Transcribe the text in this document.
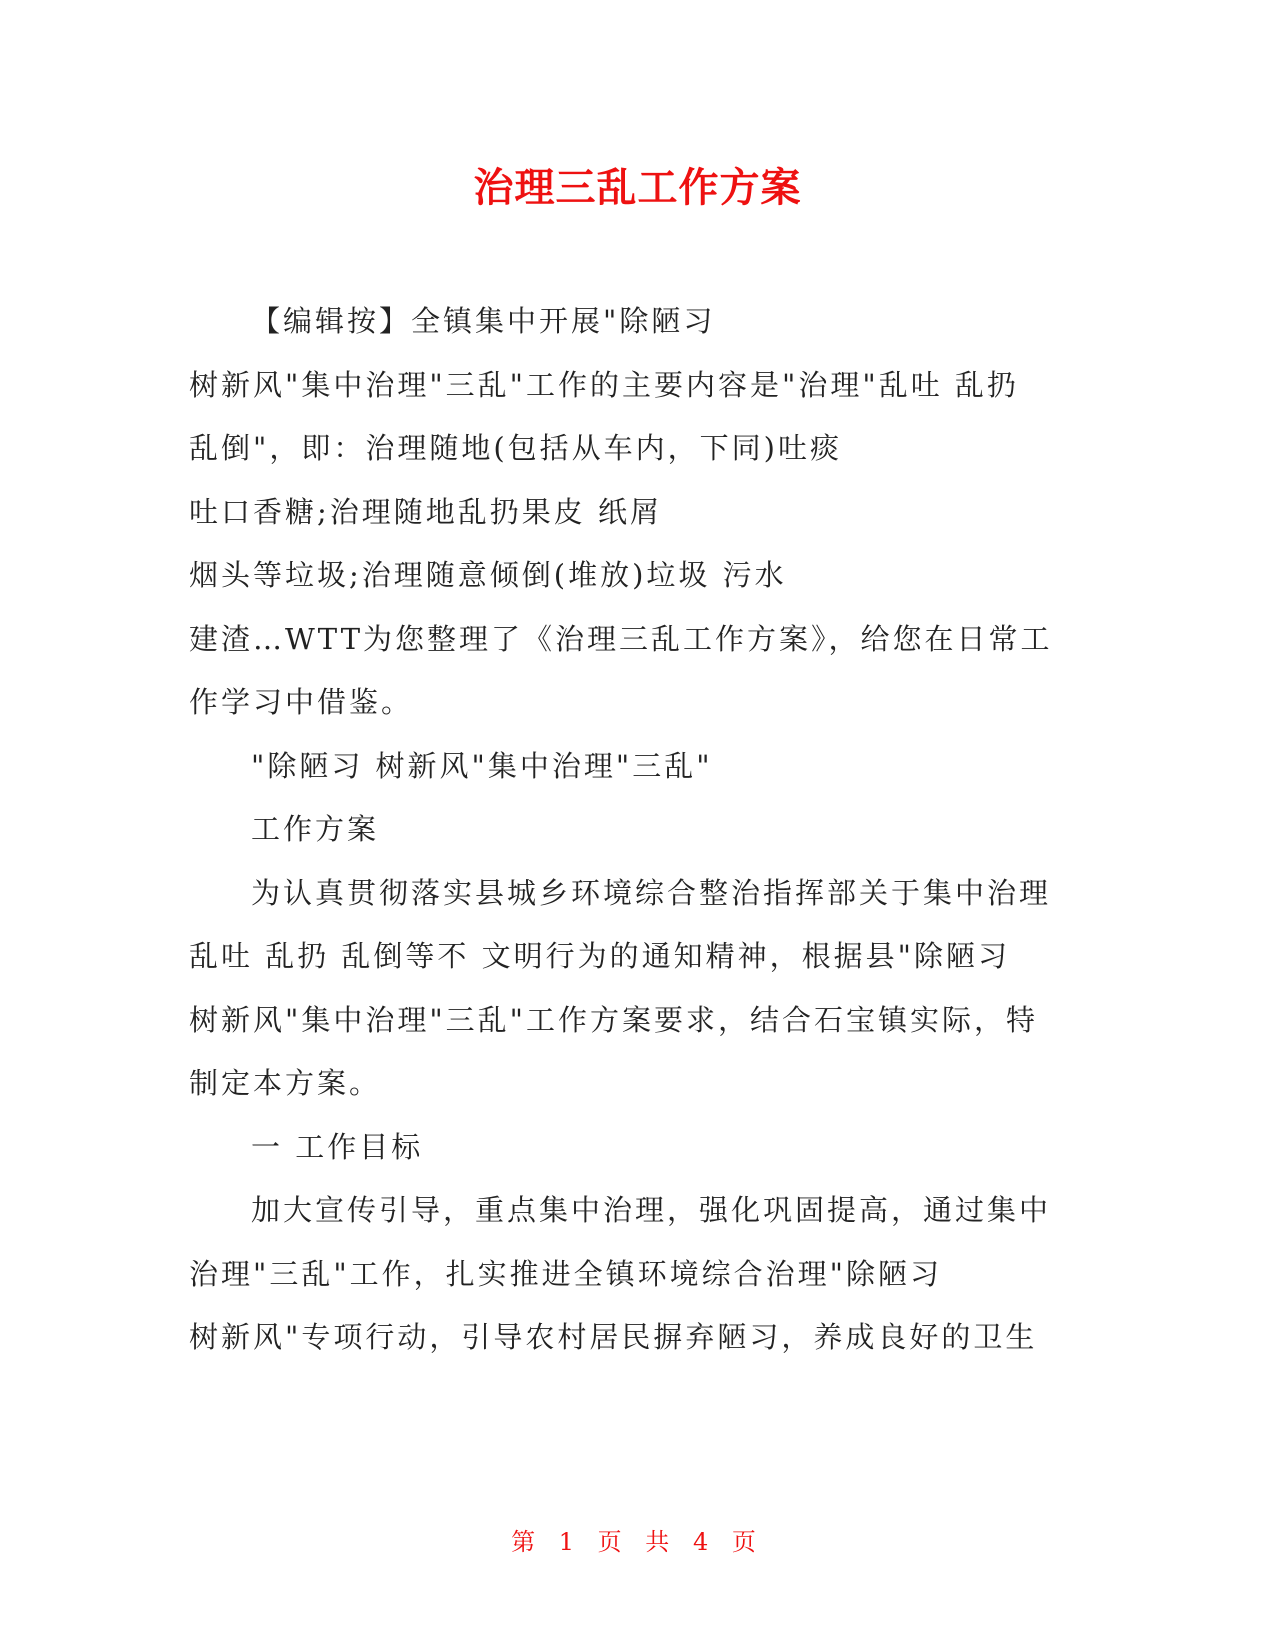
治理三乱工作方案
【编辑按】全镇集中开展"除陋习
树新风"集中治理"三乱"工作的主要内容是"治理"乱吐 乱扔
乱倒"，即：治理随地(包括从车内，下同)吐痰
吐口香糖;治理随地乱扔果皮 纸屑
烟头等垃圾;治理随意倾倒(堆放)垃圾 污水
建渣…WTT为您整理了《治理三乱工作方案》，给您在日常工
作学习中借鉴。
"除陋习 树新风"集中治理"三乱"
工作方案
为认真贯彻落实县城乡环境综合整治指挥部关于集中治理
乱吐 乱扔 乱倒等不 文明行为的通知精神，根据县"除陋习
树新风"集中治理"三乱"工作方案要求，结合石宝镇实际，特
制定本方案。
一 工作目标
加大宣传引导，重点集中治理，强化巩固提高，通过集中
治理"三乱"工作，扎实推进全镇环境综合治理"除陋习
树新风"专项行动，引导农村居民摒弃陋习，养成良好的卫生
第 1 页 共 4 页
